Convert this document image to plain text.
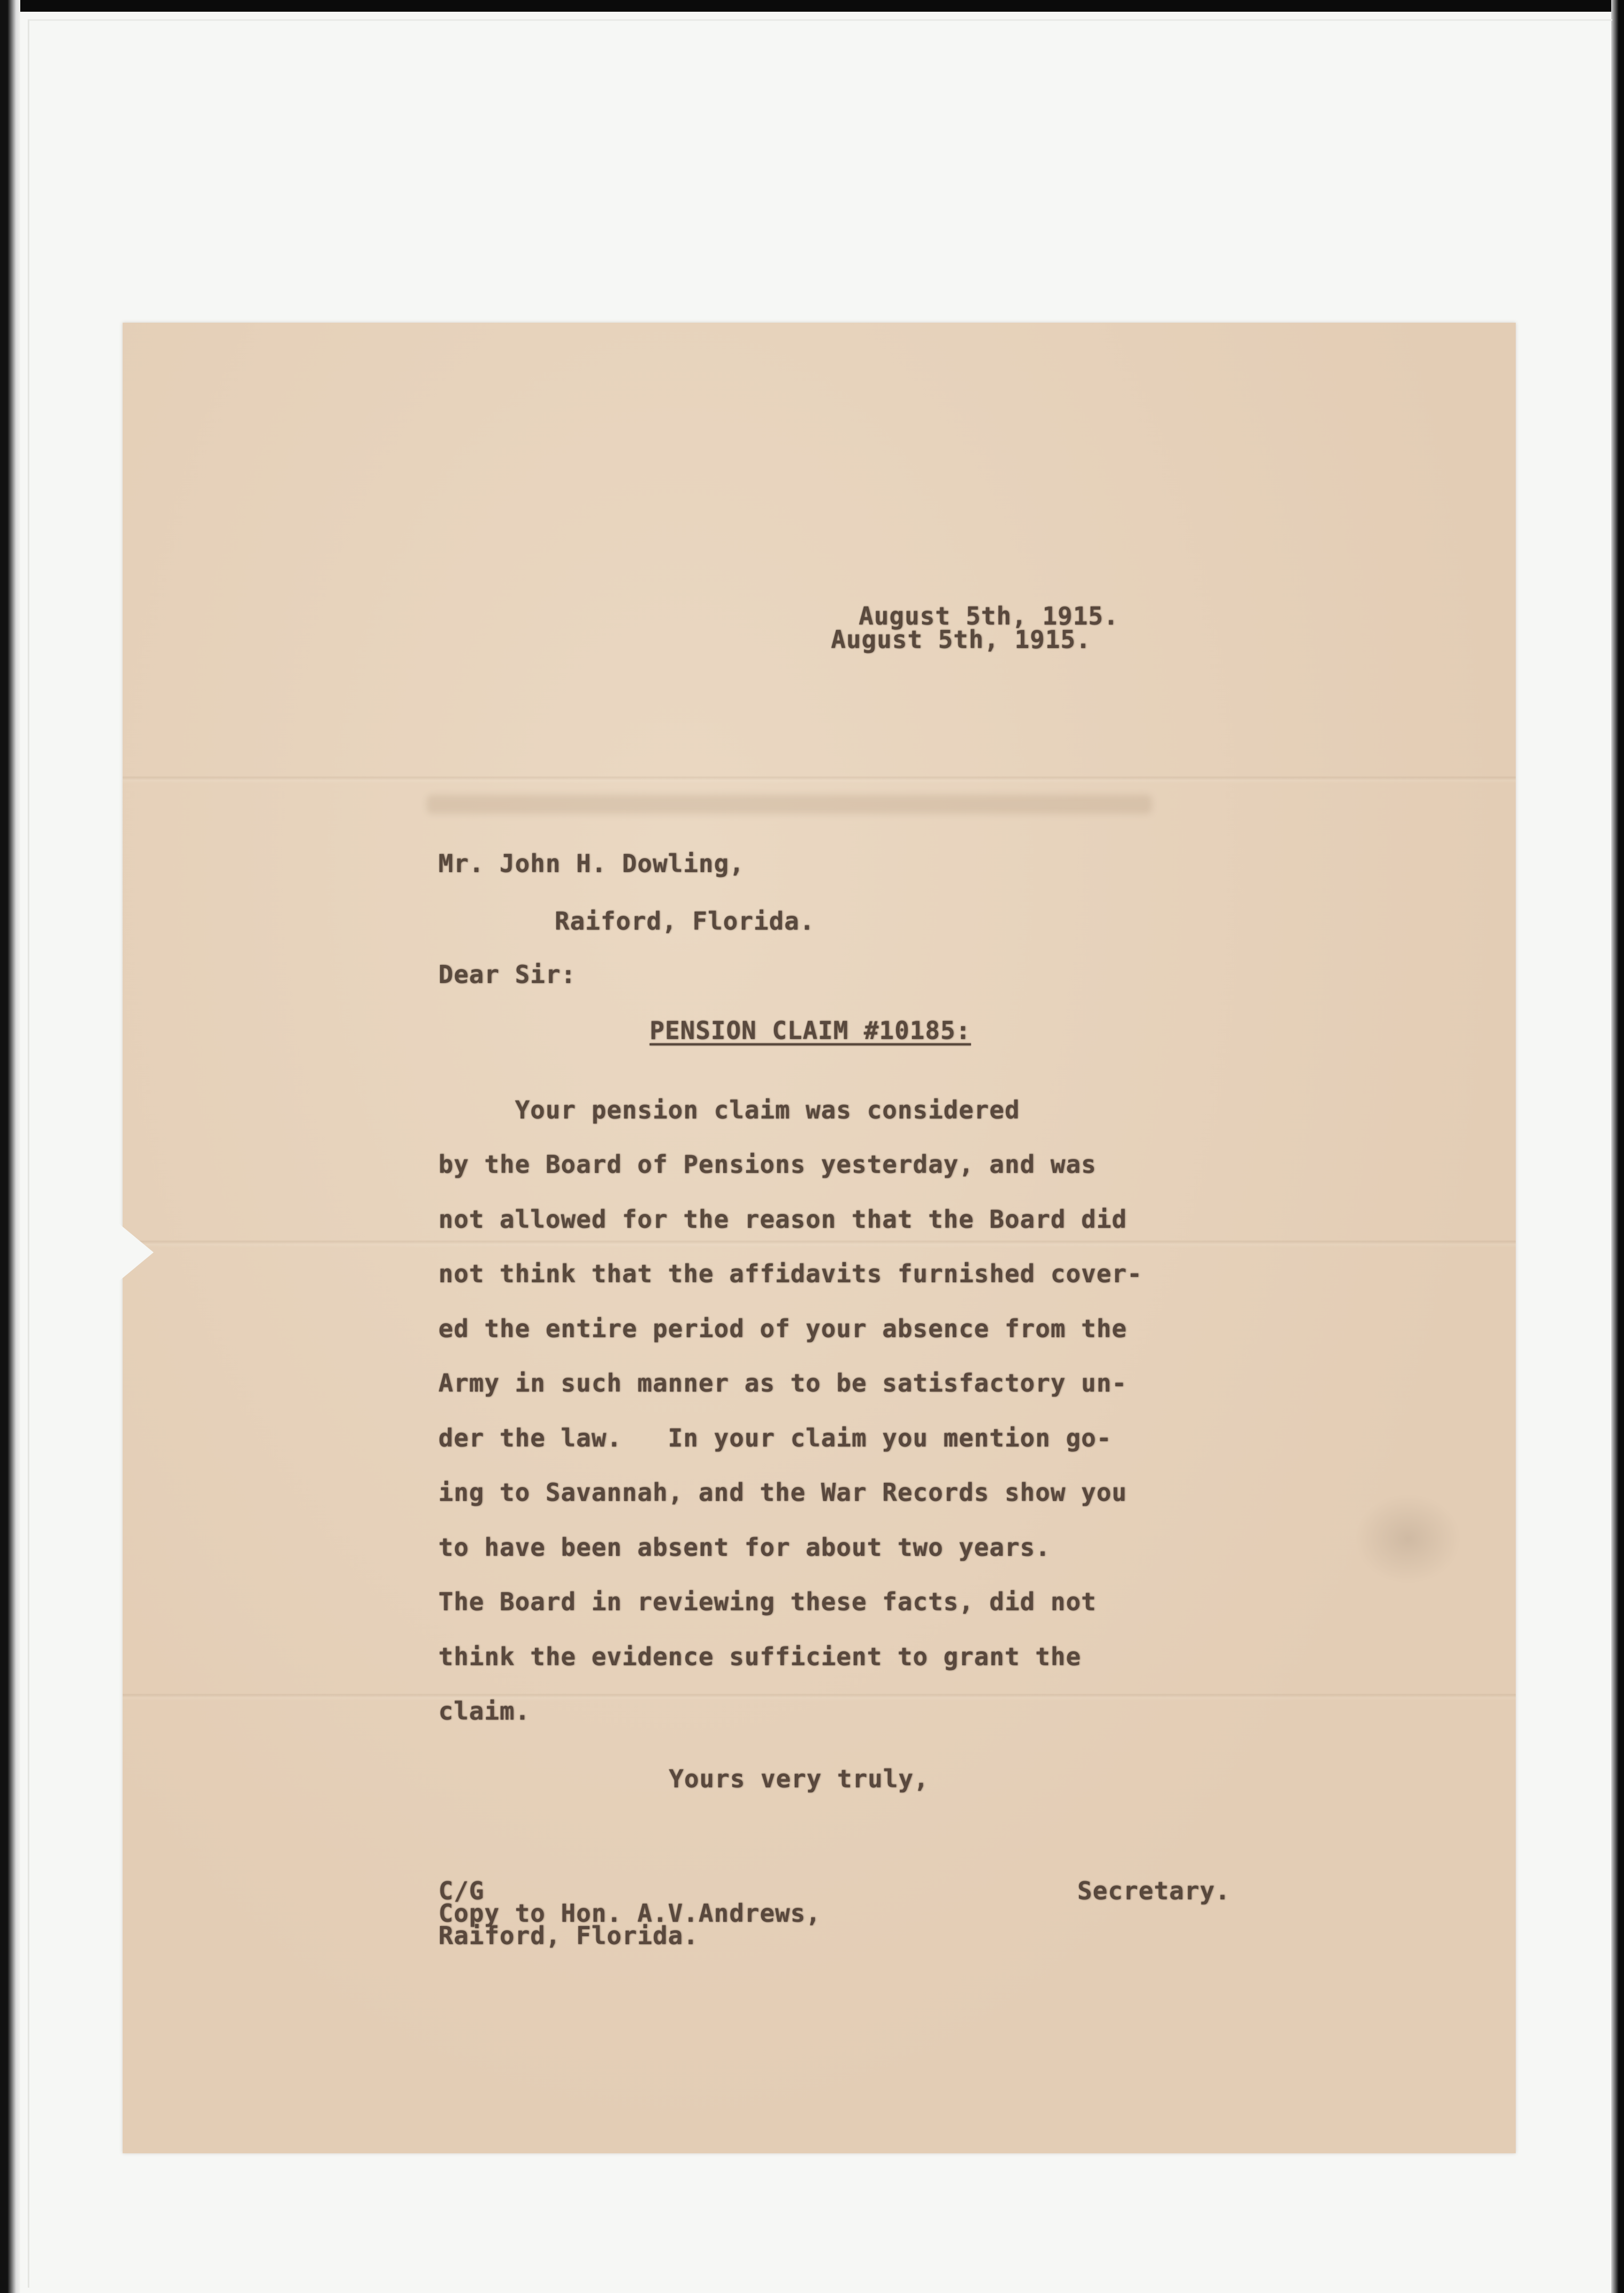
August 5th, 1915.
August 5th, 1915.
Mr. John H. Dowling,
Raiford, Florida.
Dear Sir:
PENSION CLAIM #10185:
Your pension claim was considered
by the Board of Pensions yesterday, and was
not allowed for the reason that the Board did
not think that the affidavits furnished cover-
ed the entire period of your absence from the
Army in such manner as to be satisfactory un-
der the law.   In your claim you mention go-
ing to Savannah, and the War Records show you
to have been absent for about two years.
The Board in reviewing these facts, did not
think the evidence sufficient to grant the
claim.
Yours very truly,
Secretary.
C/G
Copy to Hon. A.V.Andrews,
Raiford, Florida.
